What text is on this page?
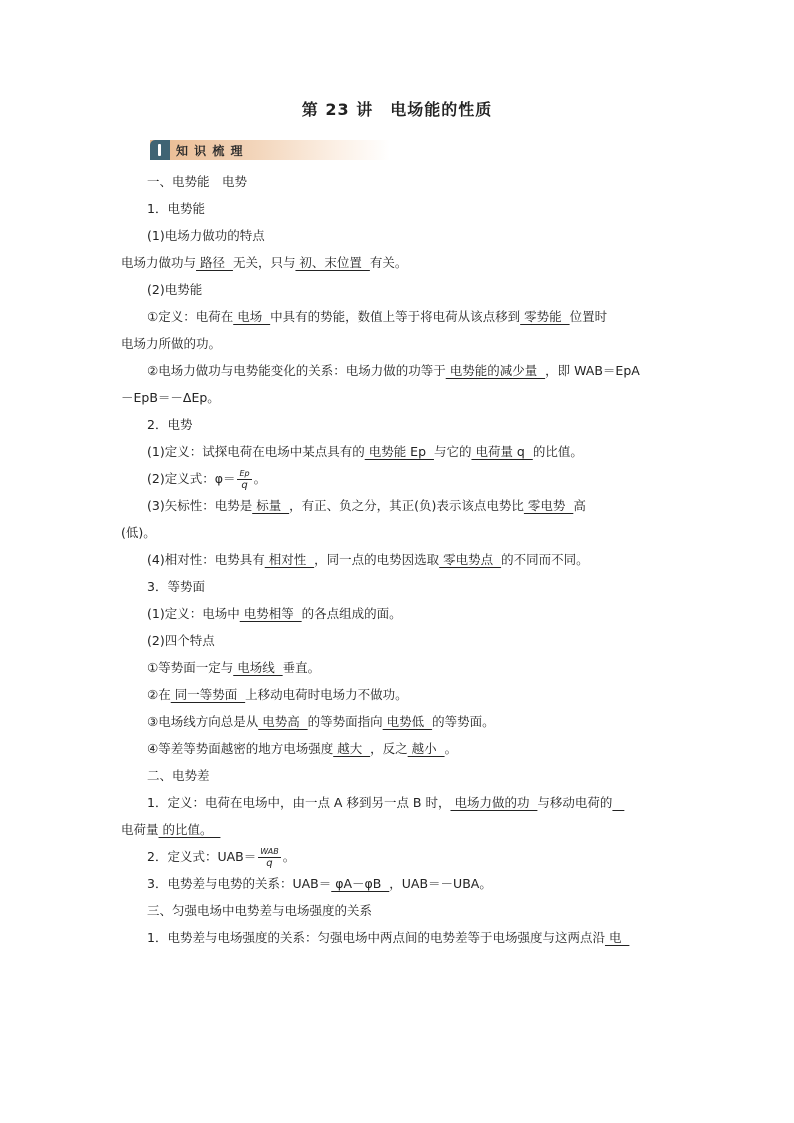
第 23 讲　电场能的性质
知 识 梳 理
一、电势能　电势
1．电势能
(1)电场力做功的特点
电场力做功与 路径  无关，只与 初、末位置  有关。
(2)电势能
①定义：电荷在 电场  中具有的势能，数值上等于将电荷从该点移到 零势能  位置时
电场力所做的功。
②电场力做功与电势能变化的关系：电场力做的功等于 电势能的减少量  ，即 WAB＝EpA
－EpB＝－ΔEp。
2．电势
(1)定义：试探电荷在电场中某点具有的 电势能 Ep  与它的 电荷量 q  的比值。
(2)定义式：$\varphi= \frac{Ep}{q}$ 。
(3)矢标性：电势是 标量  ，有正、负之分，其正(负)表示该点电势比 零电势  高
(低)。
(4)相对性：电势具有 相对性  ，同一点的电势因选取 零电势点  的不同而不同。
3．等势面
(1)定义：电场中 电势相等  的各点组成的面。
(2)四个特点
①等势面一定与 电场线  垂直。
②在 同一等势面  上移动电荷时电场力不做功。
③电场线方向总是从 电势高  的等势面指向 电势低  的等势面。
④等差等势面越密的地方电场强度 越大  ，反之 越小  。
二、电势差
1．定义：电荷在电场中，由一点 A 移到另一点 B 时， 电场力做的功  与移动电荷的
电荷量 的比值。
2．定义式：$UAB= \frac{\text{WAB}}{q}$ 。
3．电势差与电势的关系：UAB＝ φA－φB  ，UAB＝－UBA。
三、匀强电场中电势差与电场强度的关系
1．电势差与电场强度的关系：匀强电场中两点间的电势差等于电场强度与这两点沿 电
